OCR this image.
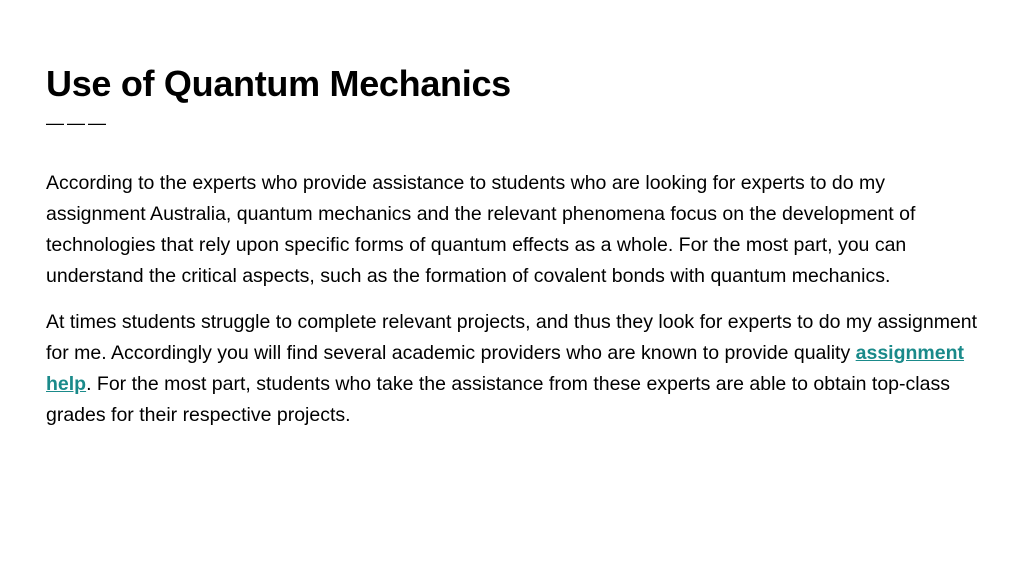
Use of Quantum Mechanics
———

According to the experts who provide assistance to students who are looking for experts to do my assignment Australia, quantum mechanics and the relevant phenomena focus on the development of technologies that rely upon specific forms of quantum effects as a whole. For the most part, you can understand the critical aspects, such as the formation of covalent bonds with quantum mechanics.

At times students struggle to complete relevant projects, and thus they look for experts to do my assignment for me. Accordingly you will find several academic providers who are known to provide quality assignment help. For the most part, students who take the assistance from these experts are able to obtain top-class grades for their respective projects.
